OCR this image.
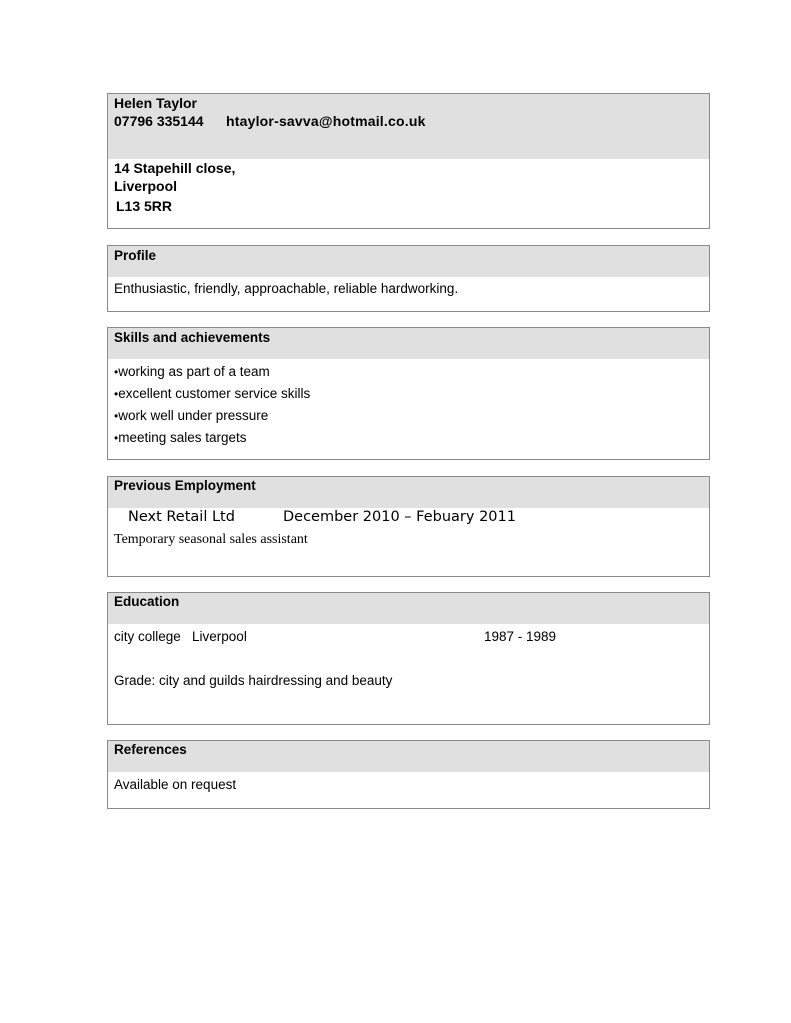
Helen Taylor
07796 335144 htaylor-savva@hotmail.co.uk
14 Stapehill close,
Liverpool
L13 5RR
Profile
Enthusiastic, friendly, approachable, reliable hardworking.
Skills and achievements
•working as part of a team
•excellent customer service skills
•work well under pressure
•meeting sales targets
Previous Employment
Next Retail Ltd	December 2010 – Febuary 2011
Temporary seasonal sales assistant
Education
city college   Liverpool	1987 - 1989
Grade: city and guilds hairdressing and beauty
References
Available on request
